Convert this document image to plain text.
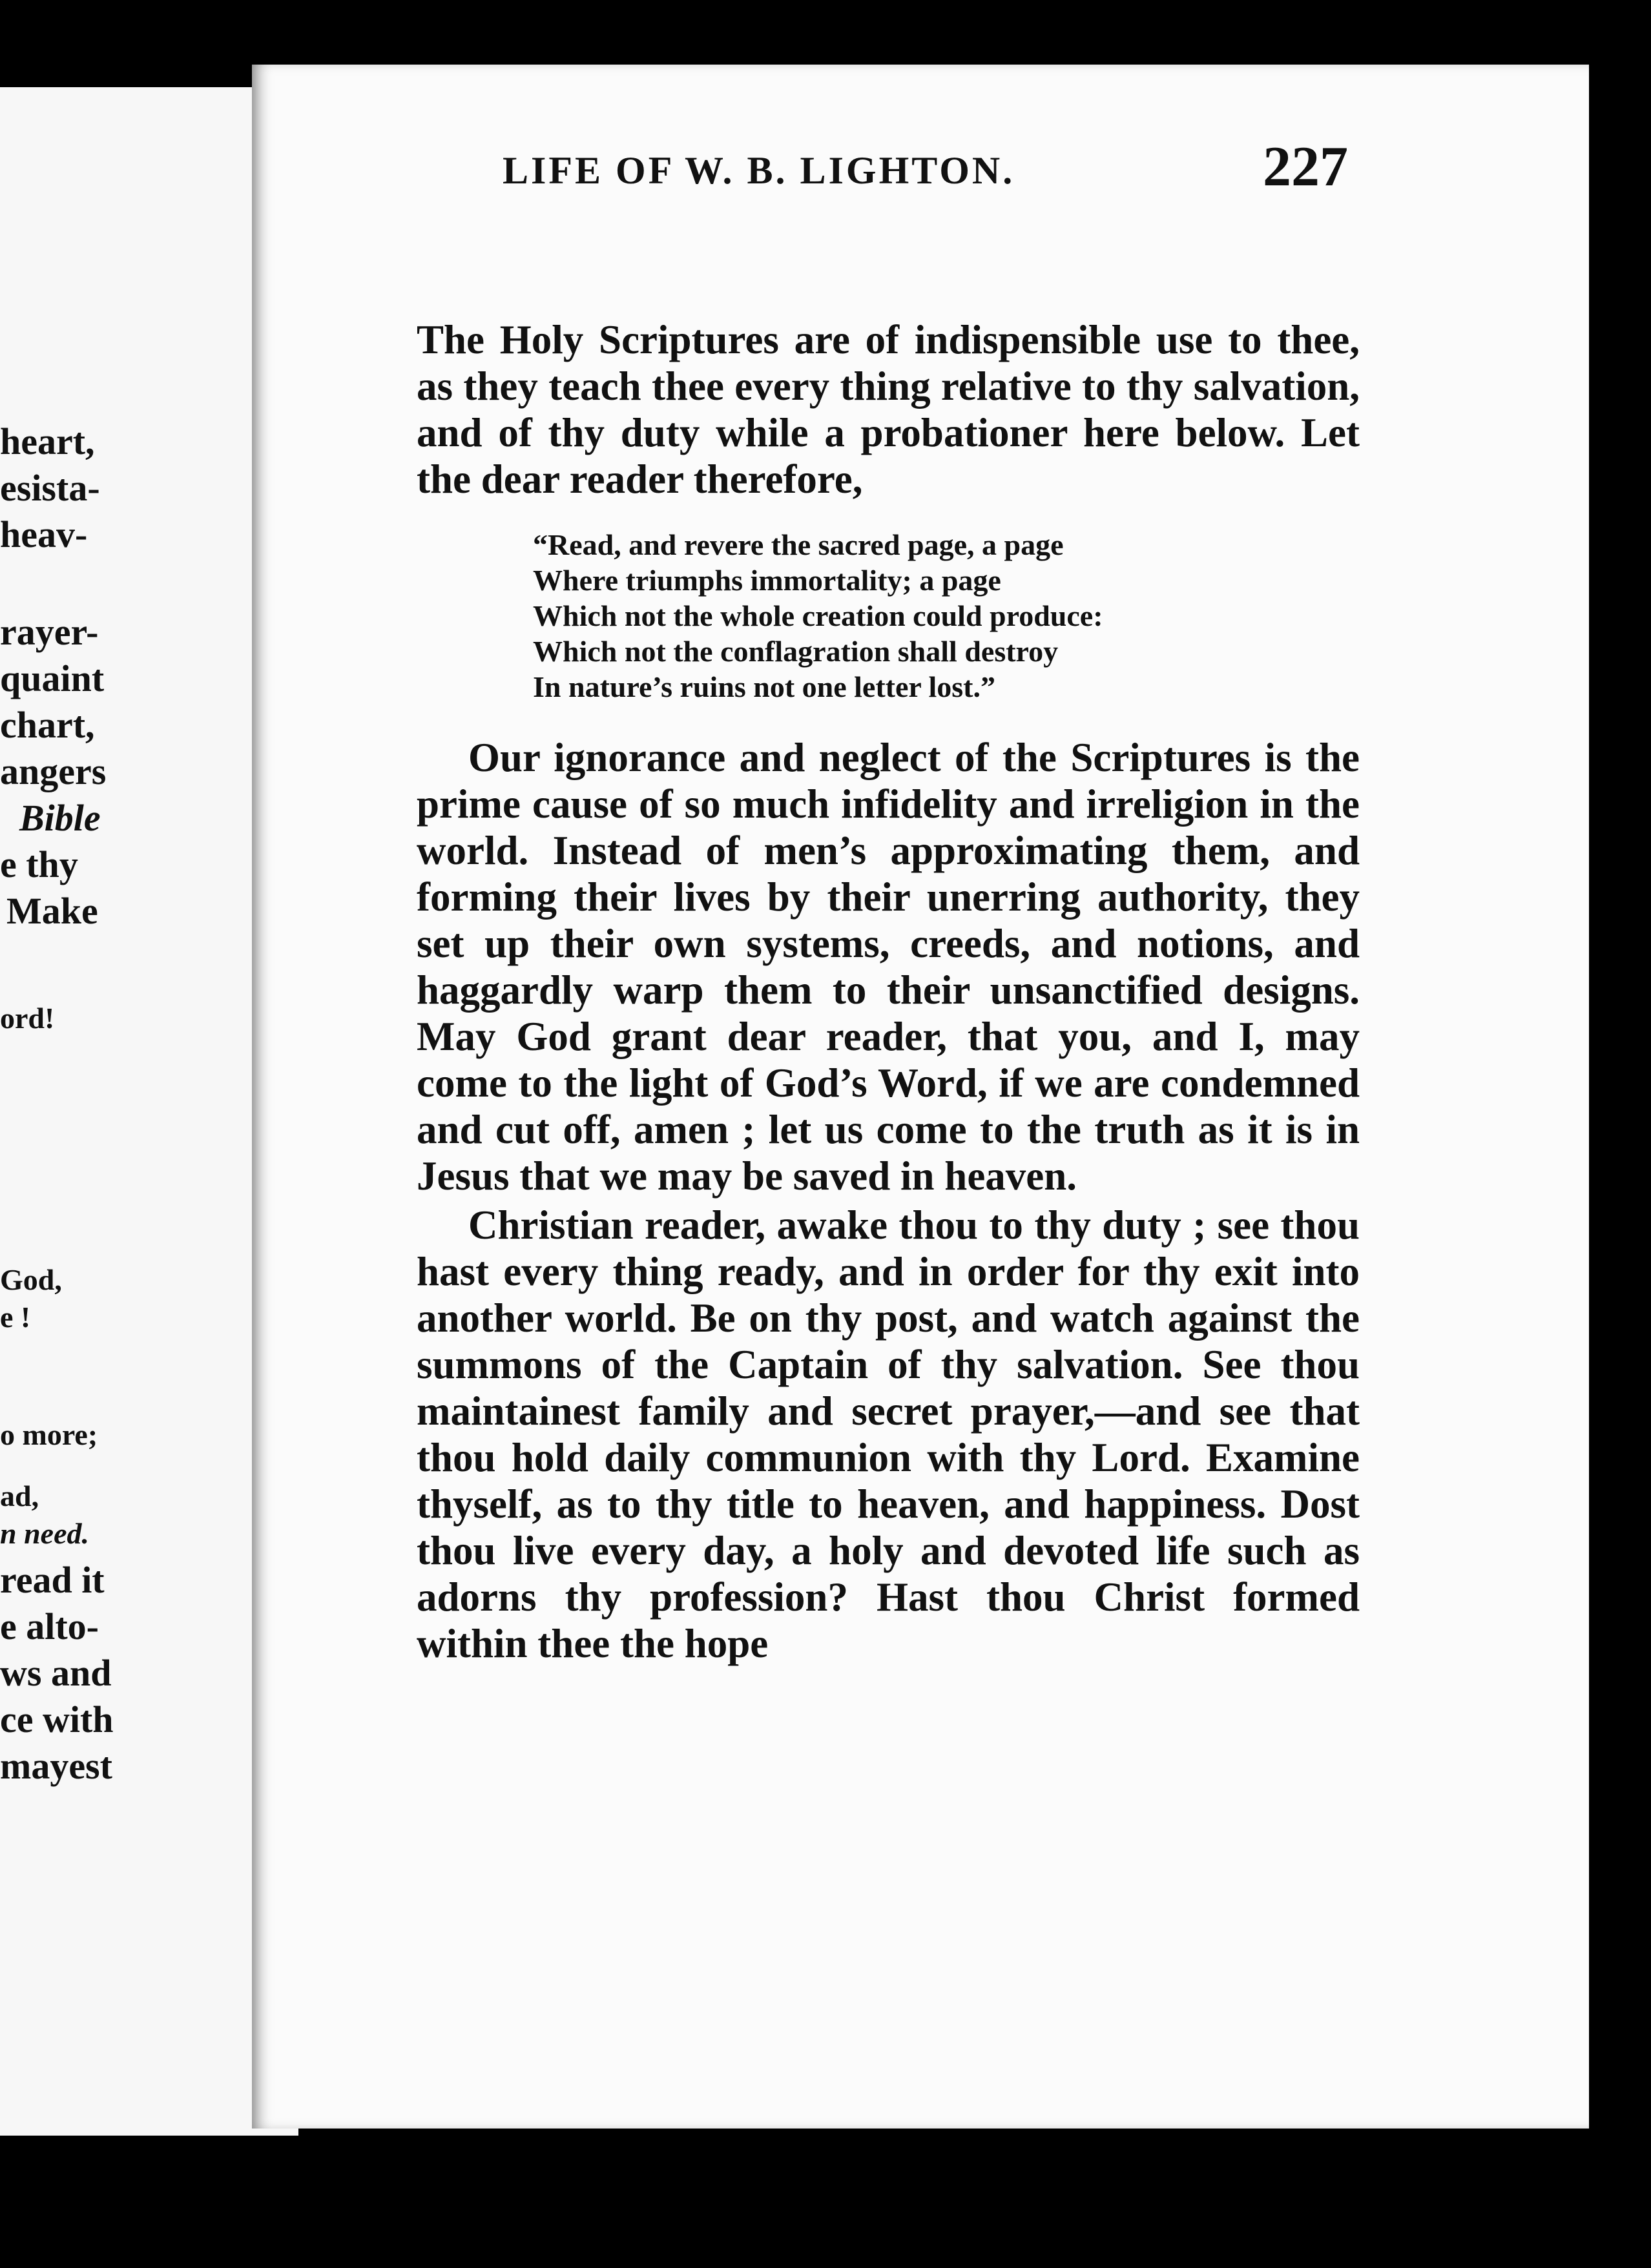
heart,
esista-
heav-
rayer-
quaint
chart,
angers
Bible
e thy
Make
ord!
God,
e !
o more;
ad,
n need.
read it
e alto-
ws and
ce with
mayest
LIFE OF W. B. LIGHTON.	227

The Holy Scriptures are of indispensible use to thee, as they teach thee every thing relative to thy salvation, and of thy duty while a probationer here below. Let the dear reader therefore,

“Read, and revere the sacred page, a page
Where triumphs immortality; a page
Which not the whole creation could produce:
Which not the conflagration shall destroy
In nature’s ruins not one letter lost.”

Our ignorance and neglect of the Scriptures is the prime cause of so much infidelity and irreligion in the world. Instead of men’s approximating them, and forming their lives by their unerring authority, they set up their own systems, creeds, and notions, and haggardly warp them to their unsanctified designs. May God grant dear reader, that you, and I, may come to the light of God’s Word, if we are condemned and cut off, amen ; let us come to the truth as it is in Jesus that we may be saved in heaven.

Christian reader, awake thou to thy duty ; see thou hast every thing ready, and in order for thy exit into another world. Be on thy post, and watch against the summons of the Captain of thy salvation. See thou maintainest family and secret prayer,—and see that thou hold daily communion with thy Lord. Examine thyself, as to thy title to heaven, and happiness. Dost thou live every day, a holy and devoted life such as adorns thy profession? Hast thou Christ formed within thee the hope
